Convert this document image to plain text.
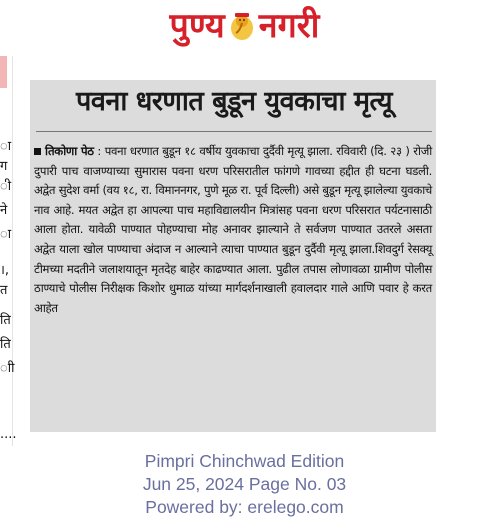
पुण्य नगरी
ा
ग
ी
ने
ा
।,
त
ति
ति
ाी
....
पवना धरणात बुडून युवकाचा मृत्यू
तिकोणा पेठ : पवना धरणात बुडून १८ वर्षीय युवकाचा दुर्दैवी मृत्यू झाला. रविवारी (दि. २३ ) रोजी दुपारी पाच वाजण्याच्या सुमारास पवना धरण परिसरातील फांगणे गावच्या हद्दीत ही घटना घडली. अद्वेत सुदेश वर्मा (वय १८, रा. विमाननगर, पुणे मूळ रा. पूर्व दिल्ली) असे बुडून मृत्यू झालेल्या युवकाचे नाव आहे. मयत अद्वेत हा आपल्या पाच महाविद्यालयीन मित्रांसह पवना धरण परिसरात पर्यटनासाठी आला होता. यावेळी पाण्यात पोहण्याचा मोह अनावर झाल्याने ते सर्वजण पाण्यात उतरले असता अद्वेत याला खोल पाण्याचा अंदाज न आल्याने त्याचा पाण्यात बुडून दुर्दैवी मृत्यू झाला.शिवदुर्ग रेसक्यू टीमच्या मदतीने जलाशयातून मृतदेह बाहेर काढण्यात आला. पुढील तपास लोणावळा ग्रामीण पोलीस ठाण्याचे पोलीस निरीक्षक किशोर धुमाळ यांच्या मार्गदर्शनाखाली हवालदार गाले आणि पवार हे करत आहेत
Pimpri Chinchwad Edition
Jun 25, 2024 Page No. 03
Powered by: erelego.com
